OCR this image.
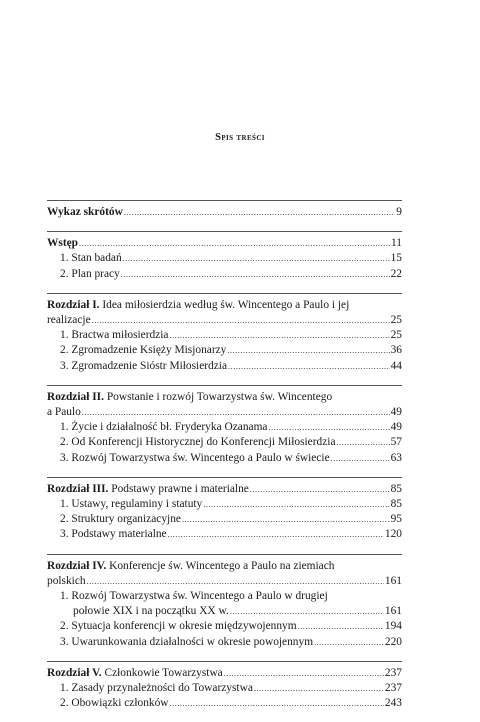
Spis treści
Wykaz skrótów .....	9
Wstęp .....	11
1. Stan badań .....	15
2. Plan pracy .....	22
Rozdział I. Idea miłosierdzia według św. Wincentego a Paulo i jej
realizacje .....	25
1. Bractwa miłosierdzia .....	25
2. Zgromadzenie Księży Misjonarzy .....	36
3. Zgromadzenie Sióstr Miłosierdzia .....	44
Rozdział II. Powstanie i rozwój Towarzystwa św. Wincentego
a Paulo .....	49
1. Życie i działalność bł. Fryderyka Ozanama .....	49
2. Od Konferencji Historycznej do Konferencji Miłosierdzia .....	57
3. Rozwój Towarzystwa św. Wincentego a Paulo w świecie .....	63
Rozdział III. Podstawy prawne i materialne .....	85
1. Ustawy, regulaminy i statuty .....	85
2. Struktury organizacyjne .....	95
3. Podstawy materialne .....	120
Rozdział IV. Konferencje św. Wincentego a Paulo na ziemiach
polskich .....	161
1. Rozwój Towarzystwa św. Wincentego a Paulo w drugiej
połowie XIX i na początku XX w. .....	161
2. Sytuacja konferencji w okresie międzywojennym .....	194
3. Uwarunkowania działalności w okresie powojennym .....	220
Rozdział V. Członkowie Towarzystwa .....	237
1. Zasady przynależności do Towarzystwa .....	237
2. Obowiązki członków .....	243
